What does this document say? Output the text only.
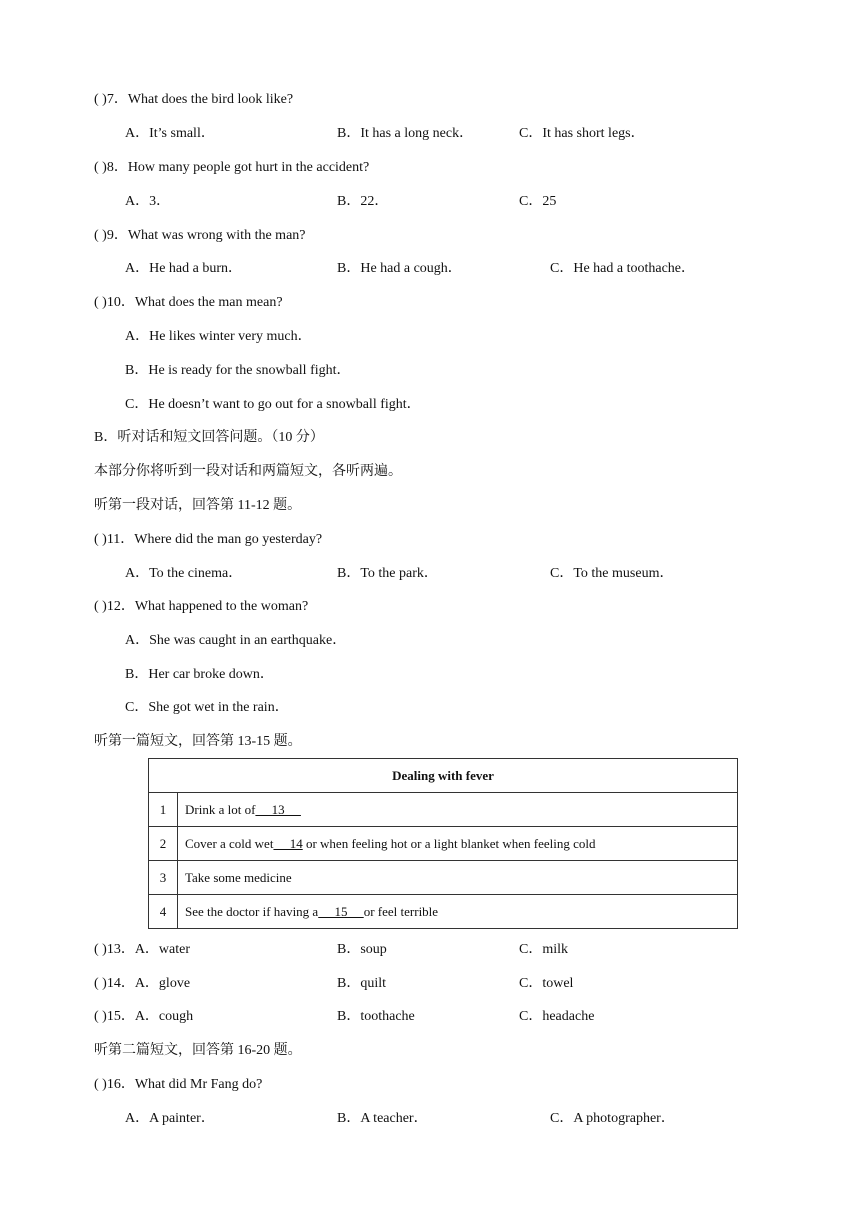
( )7．What does the bird look like?
A．It’s small．	B．It has a long neck．	C．It has short legs．
( )8．How many people got hurt in the accident?
A．3．	B．22．	C．25
( )9．What was wrong with the man?
A．He had a burn．	B．He had a cough．	C．He had a toothache．
( )10．What does the man mean?
A．He likes winter very much．
B．He is ready for the snowball fight．
C．He doesn’t want to go out for a snowball fight．
B．听对话和短文回答问题。（10 分）
本部分你将听到一段对话和两篇短文，各听两遍。
听第一段对话，回答第 11-12 题。
( )11．Where did the man go yesterday?
A．To the cinema．	B．To the park．	C．To the museum．
( )12．What happened to the woman?
A．She was caught in an earthquake．
B．Her car broke down．
C．She got wet in the rain．
听第一篇短文，回答第 13-15 题。
Dealing with fever	
1	Drink a lot of     13
2	Cover a cold wet     14 or when feeling hot or a light blanket when feeling cold
3	Take some medicine
4	See the doctor if having a     15     or feel terrible
( )13．A．water	B．soup	C．milk
( )14．A．glove	B．quilt	C．towel
( )15．A．cough	B．toothache	C．headache
听第二篇短文，回答第 16-20 题。
( )16．What did Mr Fang do?
A．A painter．	B．A teacher．	C．A photographer．
